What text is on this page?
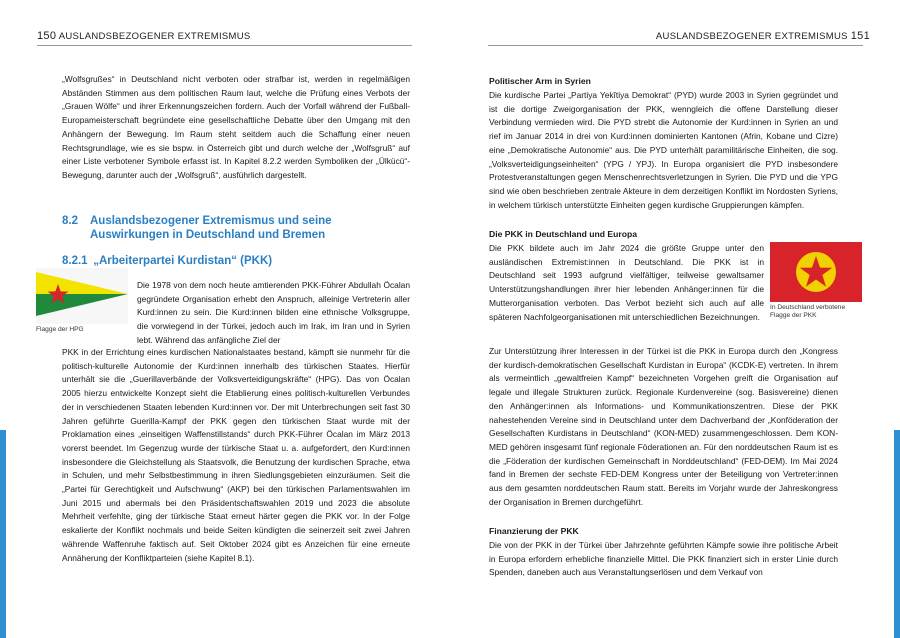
150 AUSLANDSBEZOGENER EXTREMISMUS
„Wolfsgrußes“ in Deutschland nicht verboten oder strafbar ist, werden in regelmäßigen Abständen Stimmen aus dem politischen Raum laut, welche die Prüfung eines Verbots der „Grauen Wölfe“ und ihrer Erkennungszeichen fordern. Auch der Vorfall während der Fußball-Europameisterschaft begründete eine gesellschaftliche Debatte über den Umgang mit den Anhängern der Bewegung. Im Raum steht seitdem auch die Schaffung einer neuen Rechtsgrundlage, wie es sie bspw. in Österreich gibt und durch welche der „Wolfsgruß“ auf einer Liste verbotener Symbole erfasst ist. In Kapitel 8.2.2 werden Symboliken der „Ülkücü“-Bewegung, darunter auch der „Wolfsgruß“, ausführlich dargestellt.
8.2	Auslandsbezogener Extremismus und seine Auswirkungen in Deutschland und Bremen
8.2.1 „Arbeiterpartei Kurdistan“ (PKK)
Flagge der HPG
Die 1978 von dem noch heute amtierenden PKK-Führer Abdullah Öcalan gegründete Organisation erhebt den Anspruch, alleinige Vertreterin aller Kurd:innen zu sein. Die Kurd:innen bilden eine ethnische Volksgruppe, die vorwiegend in der Türkei, jedoch auch im Irak, im Iran und in Syrien lebt. Während das anfängliche Ziel der
PKK in der Errichtung eines kurdischen Nationalstaates bestand, kämpft sie nunmehr für die politisch-kulturelle Autonomie der Kurd:innen innerhalb des türkischen Staates. Hierfür unterhält sie die „Guerillaverbände der Volksverteidigungskräfte“ (HPG). Das von Öcalan 2005 hierzu entwickelte Konzept sieht die Etablierung eines politisch-kulturellen Verbundes der in verschiedenen Staaten lebenden Kurd:innen vor. Der mit Unterbrechungen seit fast 30 Jahren geführte Guerilla-Kampf der PKK gegen den türkischen Staat wurde mit der Proklamation eines „einseitigen Waffenstillstands“ durch PKK-Führer Öcalan im März 2013 vorerst beendet. Im Gegenzug wurde der türkische Staat u. a. aufgefordert, den Kurd:innen insbesondere die Gleichstellung als Staatsvolk, die Benutzung der kurdischen Sprache, etwa in Schulen, und mehr Selbstbestimmung in ihren Siedlungsgebieten einzuräumen. Seit die „Partei für Gerechtigkeit und Aufschwung“ (AKP) bei den türkischen Parlamentswahlen im Juni 2015 und abermals bei den Präsidentschaftswahlen 2019 und 2023 die absolute Mehrheit verfehlte, ging der türkische Staat erneut härter gegen die PKK vor. In der Folge eskalierte der Konflikt nochmals und beide Seiten kündigten die seinerzeit seit zwei Jahren währende Waffenruhe faktisch auf. Seit Oktober 2024 gibt es Anzeichen für eine erneute Annäherung der Konfliktparteien (siehe Kapitel 8.1).
AUSLANDSBEZOGENER EXTREMISMUS 151
Politischer Arm in Syrien
Die kurdische Partei „Partiya Yekîtiya Demokrat“ (PYD) wurde 2003 in Syrien gegründet und ist die dortige Zweigorganisation der PKK, wenngleich die offene Darstellung dieser Verbindung vermieden wird. Die PYD strebt die Autonomie der Kurd:innen in Syrien an und rief im Januar 2014 in drei von Kurd:innen dominierten Kantonen (Afrin, Kobane und Cizre) eine „Demokratische Autonomie“ aus. Die PYD unterhält paramilitärische Einheiten, die sog. „Volksverteidigungseinheiten“ (YPG / YPJ). In Europa organisiert die PYD insbesondere Protestveranstaltungen gegen Menschenrechtsverletzungen in Syrien. Die PYD und die YPG sind wie oben beschrieben zentrale Akteure in dem derzeitigen Konflikt im Nordosten Syriens, in welchem türkisch unterstützte Einheiten gegen kurdische Gruppierungen kämpfen.
Die PKK in Deutschland und Europa
Die PKK bildete auch im Jahr 2024 die größte Gruppe unter den ausländischen Extremist:innen in Deutschland. Die PKK ist in Deutschland seit 1993 aufgrund vielfältiger, teilweise gewaltsamer Unterstützungshandlungen ihrer hier lebenden Anhänger:innen für die Mutterorganisation verboten. Das Verbot bezieht sich auch auf alle späteren Nachfolgeorganisationen mit unterschiedlichen Bezeichnungen.
In Deutschland verbotene Flagge der PKK
Zur Unterstützung ihrer Interessen in der Türkei ist die PKK in Europa durch den „Kongress der kurdisch-demokratischen Gesellschaft Kurdistan in Europa“ (KCDK-E) vertreten. In ihrem als vermeintlich „gewaltfreien Kampf“ bezeichneten Vorgehen greift die Organisation auf legale und illegale Strukturen zurück. Regionale Kurdenvereine (sog. Basisvereine) dienen den Anhänger:innen als Informations- und Kommunikationszentren. Diese der PKK nahestehenden Vereine sind in Deutschland unter dem Dachverband der „Konföderation der Gesellschaften Kurdistans in Deutschland“ (KON-MED) zusammengeschlossen. Dem KON-MED gehören insgesamt fünf regionale Föderationen an. Für den norddeutschen Raum ist es die „Föderation der kurdischen Gemeinschaft in Norddeutschland“ (FED-DEM). Im Mai 2024 fand in Bremen der sechste FED-DEM Kongress unter der Beteiligung von Vertreter:innen aus dem gesamten norddeutschen Raum statt. Bereits im Vorjahr wurde der Jahreskongress der Organisation in Bremen durchgeführt.
Finanzierung der PKK
Die von der PKK in der Türkei über Jahrzehnte geführten Kämpfe sowie ihre politische Arbeit in Europa erfordern erhebliche finanzielle Mittel. Die PKK finanziert sich in erster Linie durch Spenden, daneben auch aus Veranstaltungserlösen und dem Verkauf von
